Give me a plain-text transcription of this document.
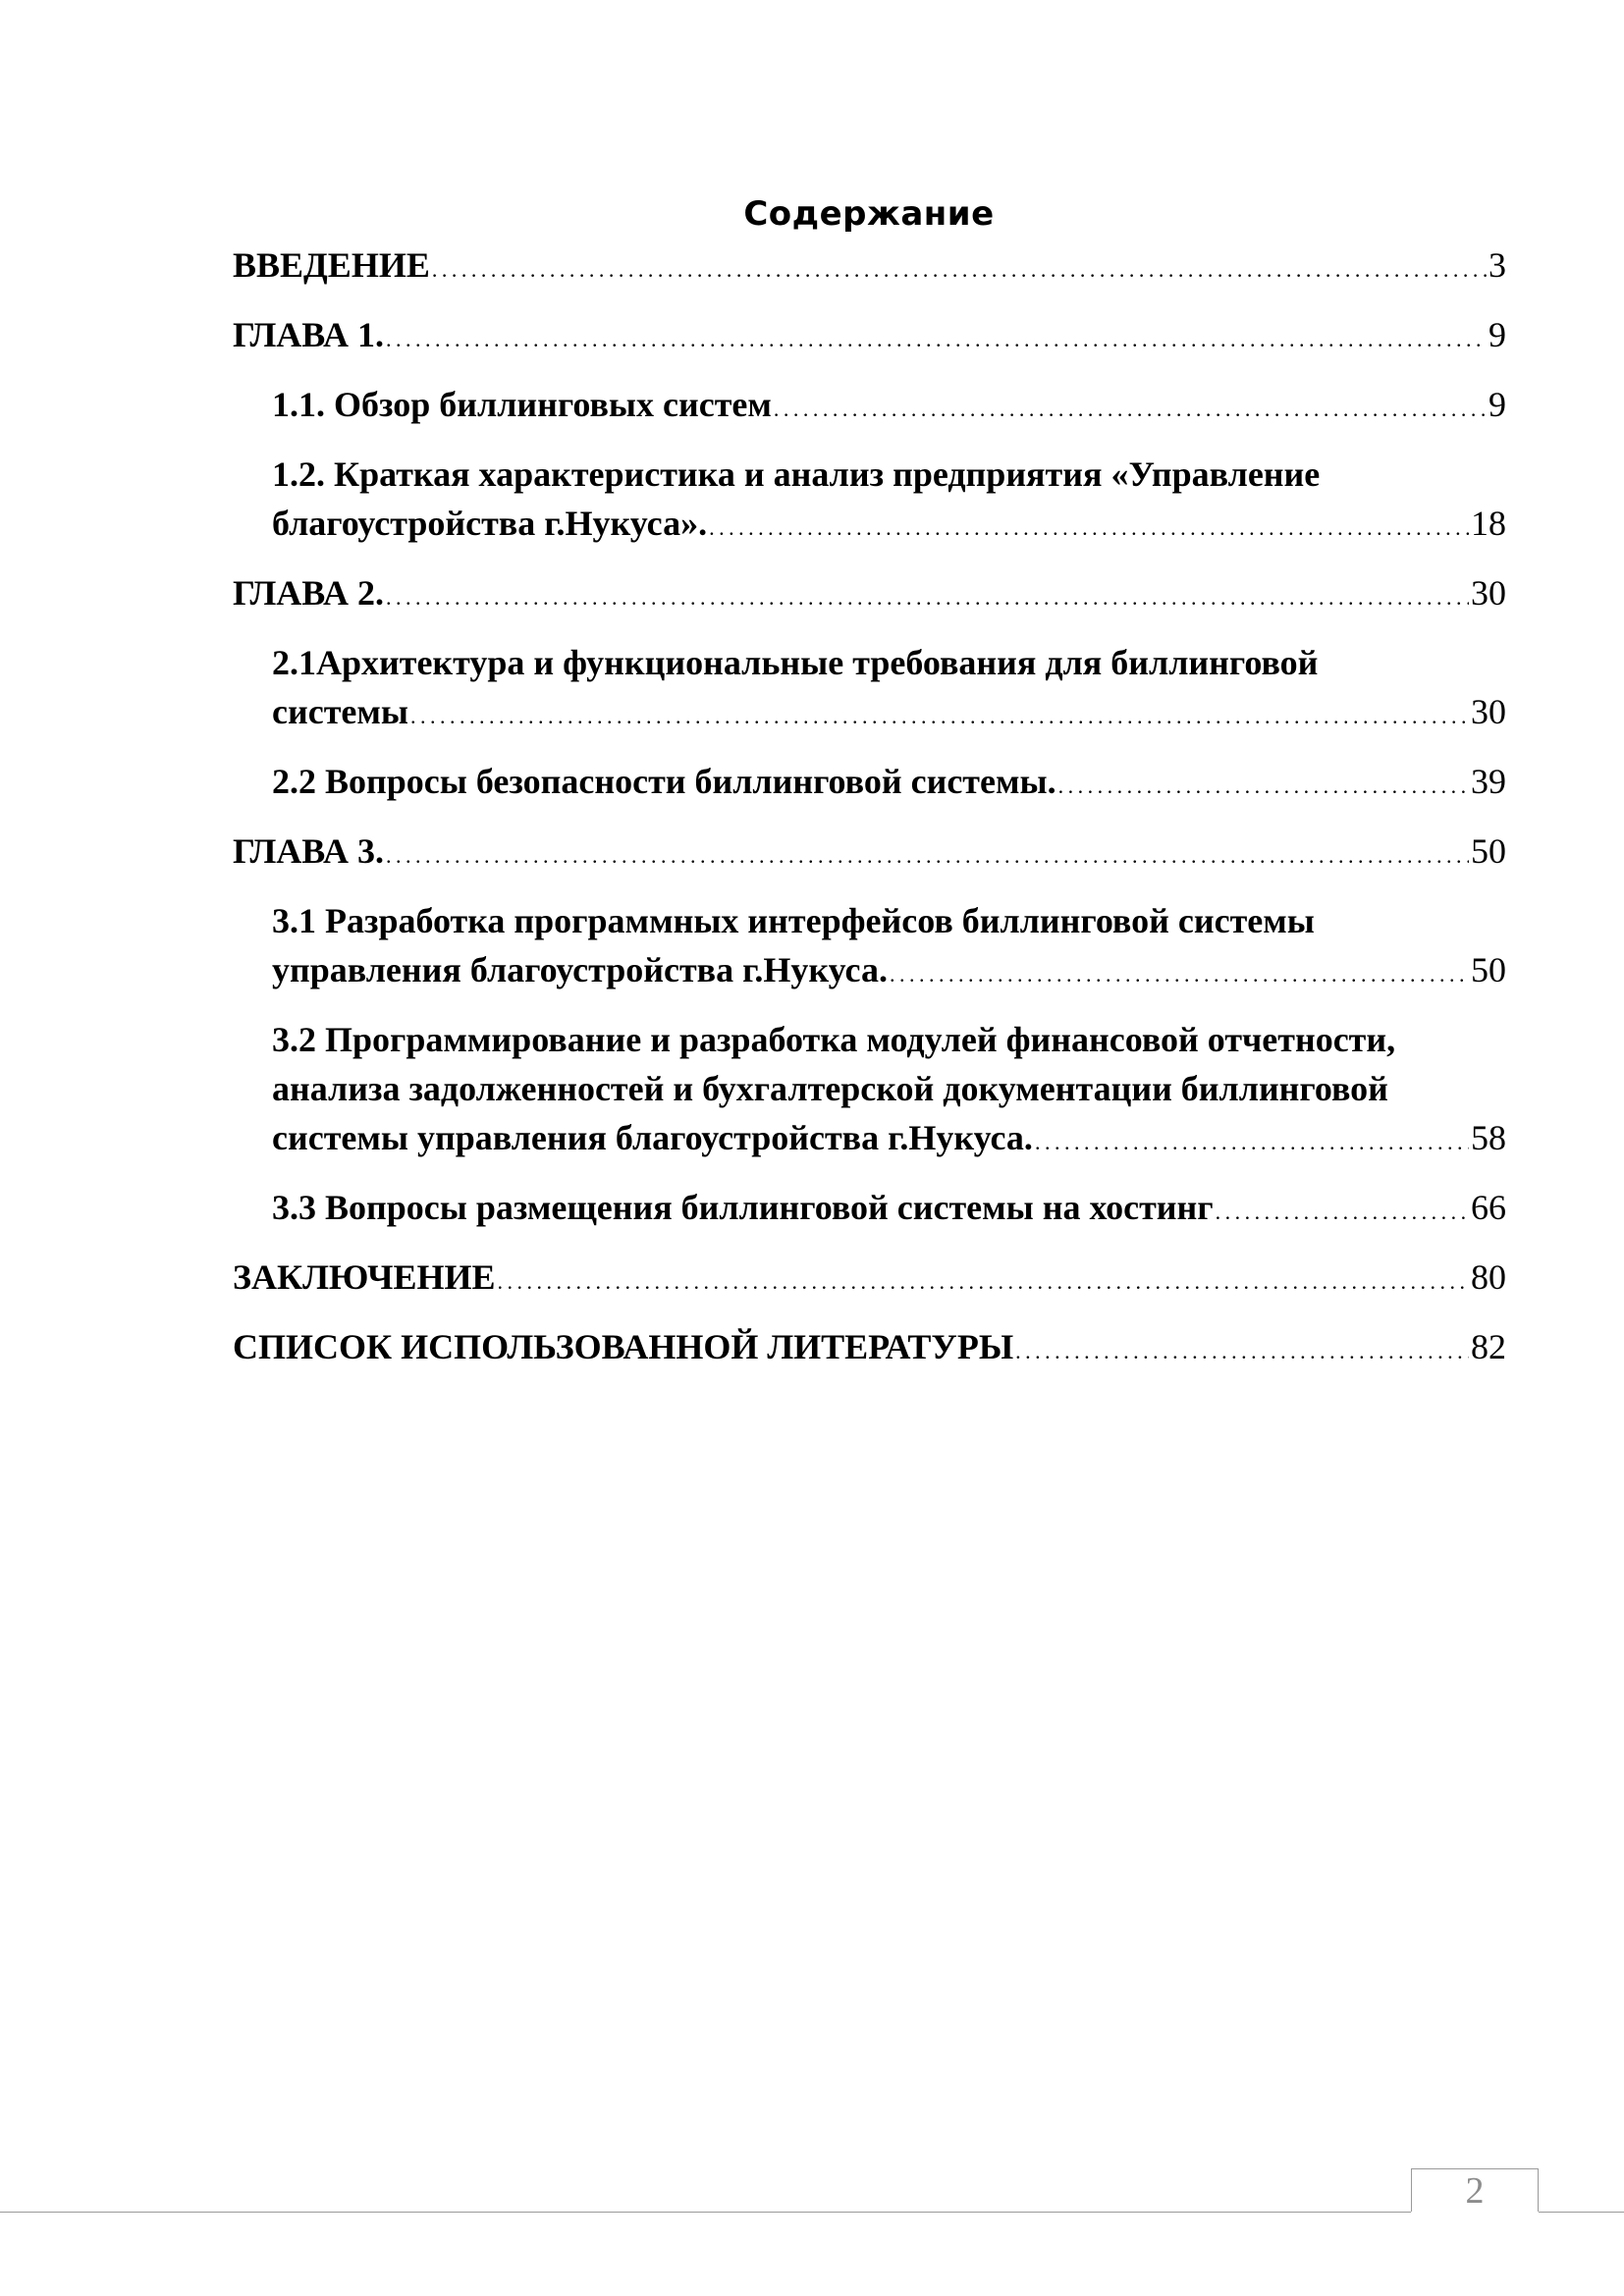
Содержание
ВВЕДЕНИЕ . . .	3
ГЛАВА 1. . . .	9
1.1. Обзор биллинговых систем . . .	9
1.2. Краткая характеристика и анализ предприятия «Управление
благоустройства г.Нукуса». . . .	18
ГЛАВА 2. . . .	30
2.1Архитектура и функциональные требования для биллинговой
системы . . .	30
2.2 Вопросы безопасности биллинговой системы. . . .	39
ГЛАВА 3. . . .	50
3.1 Разработка программных интерфейсов биллинговой системы
управления благоустройства г.Нукуса. . . .	50
3.2 Программирование и разработка модулей финансовой отчетности,
анализа задолженностей и бухгалтерской документации биллинговой
системы управления благоустройства г.Нукуса. . . .	58
3.3 Вопросы размещения биллинговой системы на хостинг . . .	66
ЗАКЛЮЧЕНИЕ . . .	80
СПИСОК ИСПОЛЬЗОВАННОЙ ЛИТЕРАТУРЫ . . .	82
2
